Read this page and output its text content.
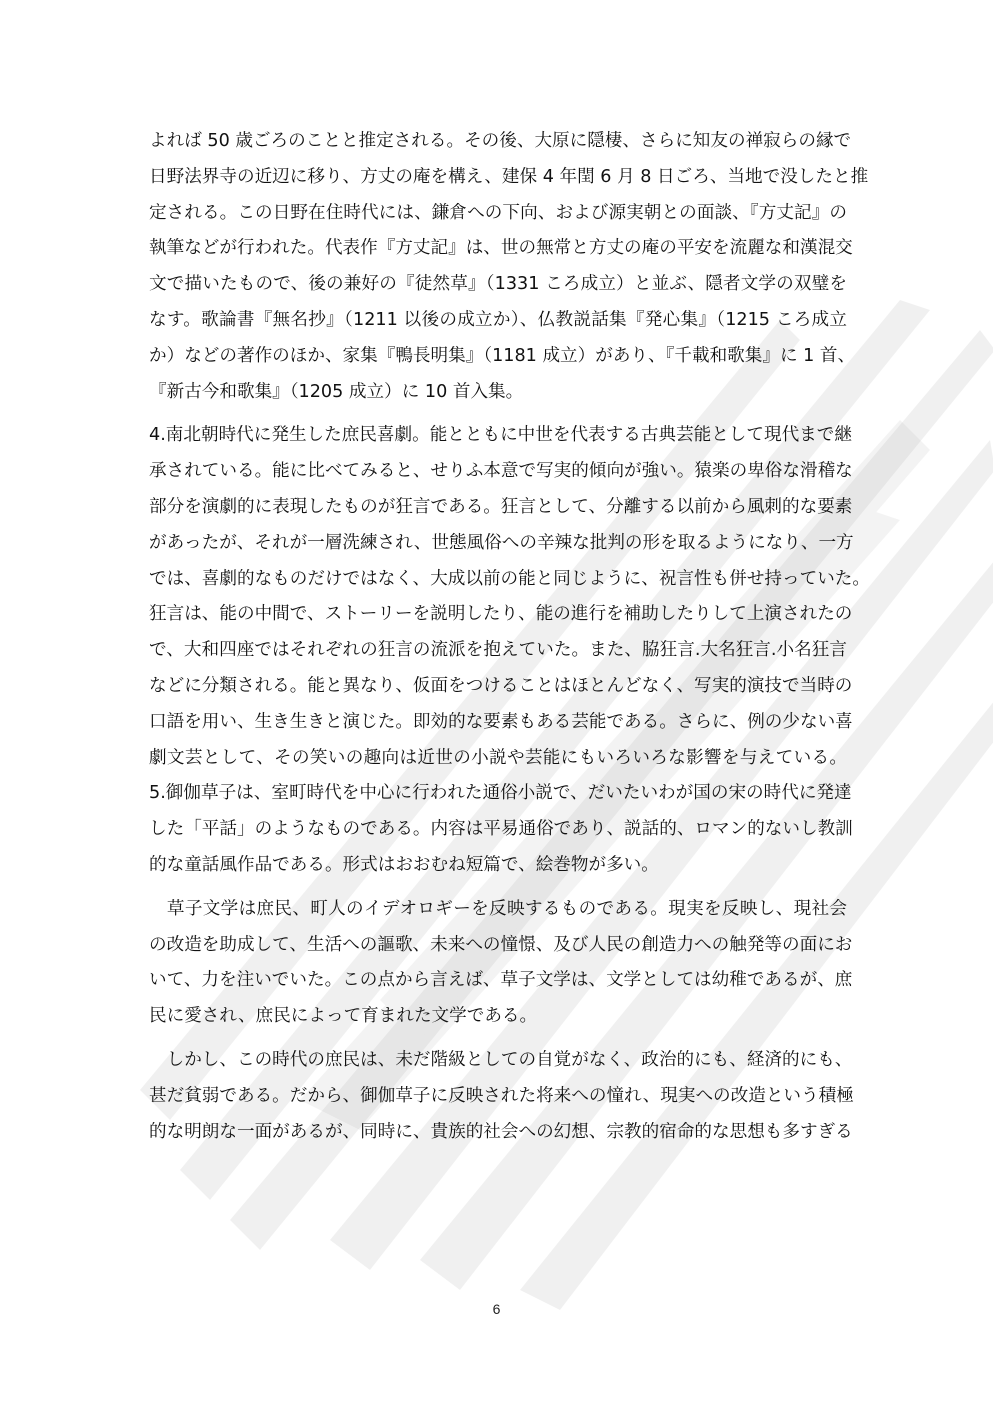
よれば 50 歳ごろのことと推定される。その後、大原に隠棲、さらに知友の禅寂らの縁で
日野法界寺の近辺に移り、方丈の庵を構え、建保 4 年閏 6 月 8 日ごろ、当地で没したと推
定される。この日野在住時代には、鎌倉への下向、および源実朝との面談、『方丈記』の
執筆などが行われた。代表作『方丈記』は、世の無常と方丈の庵の平安を流麗な和漢混交
文で描いたもので、後の兼好の『徒然草』（1331 ころ成立）と並ぶ、隠者文学の双璧を
なす。歌論書『無名抄』（1211 以後の成立か）、仏教説話集『発心集』（1215 ころ成立
か）などの著作のほか、家集『鴨長明集』（1181 成立）があり、『千載和歌集』に 1 首、
『新古今和歌集』（1205 成立）に 10 首入集。
4.南北朝時代に発生した庶民喜劇。能とともに中世を代表する古典芸能として現代まで継
承されている。能に比べてみると、せりふ本意で写実的傾向が強い。猿楽の卑俗な滑稽な
部分を演劇的に表現したものが狂言である。狂言として、分離する以前から風刺的な要素
があったが、それが一層洗練され、世態風俗への辛辣な批判の形を取るようになり、一方
では、喜劇的なものだけではなく、大成以前の能と同じように、祝言性も併せ持っていた。
狂言は、能の中間で、ストーリーを説明したり、能の進行を補助したりして上演されたの
で、大和四座ではそれぞれの狂言の流派を抱えていた。また、脇狂言.大名狂言.小名狂言
などに分類される。能と異なり、仮面をつけることはほとんどなく、写実的演技で当時の
口語を用い、生き生きと演じた。即効的な要素もある芸能である。さらに、例の少ない喜
劇文芸として、その笑いの趣向は近世の小説や芸能にもいろいろな影響を与えている。
5.御伽草子は、室町時代を中心に行われた通俗小説で、だいたいわが国の宋の時代に発達
した「平話」のようなものである。内容は平易通俗であり、説話的、ロマン的ないし教訓
的な童話風作品である。形式はおおむね短篇で、絵巻物が多い。
　草子文学は庶民、町人のイデオロギーを反映するものである。現実を反映し、現社会
の改造を助成して、生活への謳歌、未来への憧憬、及び人民の創造力への触発等の面にお
いて、力を注いでいた。この点から言えば、草子文学は、文学としては幼稚であるが、庶
民に愛され、庶民によって育まれた文学である。
　しかし、この時代の庶民は、未だ階級としての自覚がなく、政治的にも、経済的にも、
甚だ貧弱である。だから、御伽草子に反映された将来への憧れ、現実への改造という積極
的な明朗な一面があるが、同時に、貴族的社会への幻想、宗教的宿命的な思想も多すぎる
6
